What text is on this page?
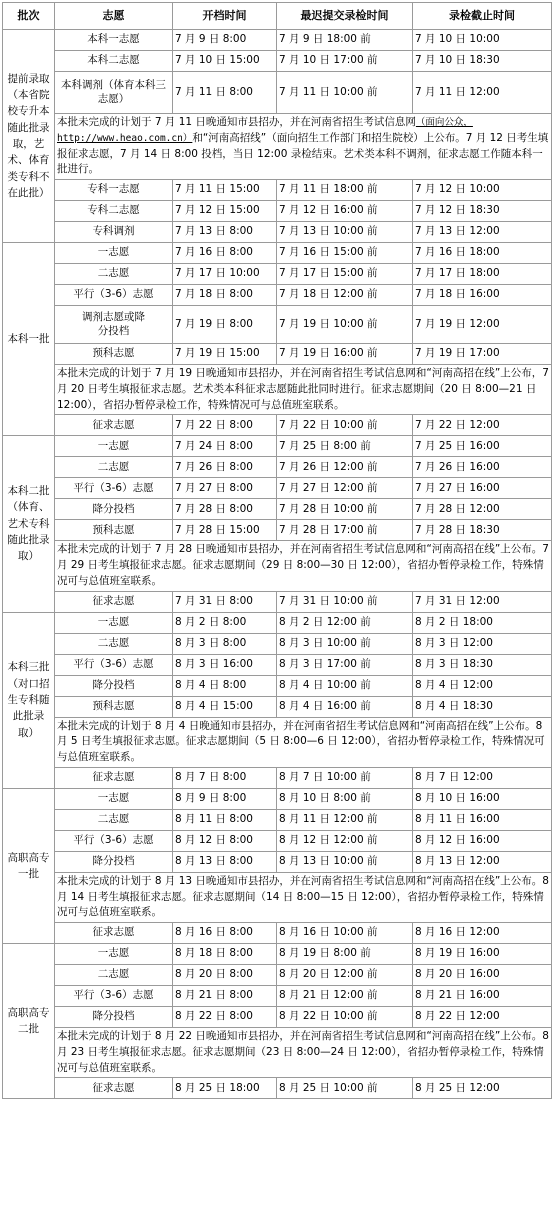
批次	志愿	开档时间	最迟提交录检时间	录检截止时间
提前录取（本省院校专升本随此批录取，艺术、体育类专科不在此批）	本科一志愿	7 月 9 日 8:00	7 月 9 日 18:00 前	7 月 10 日 10:00
	本科二志愿	7 月 10 日 15:00	7 月 10 日 17:00 前	7 月 10 日 18:30
	本科调剂（体育本科三志愿）	7 月 11 日 8:00	7 月 11 日 10:00 前	7 月 11 日 12:00
	本批未完成的计划于 7 月 11 日晚通知市县招办，并在河南省招生考试信息网（面向公众，http://www.heao.com.cn）和“河南高招线”（面向招生工作部门和招生院校）上公布。7 月 12 日考生填报征求志愿，7 月 14 日 8:00 投档，当日 12:00 录检结束。艺术类本科不调剂，征求志愿工作随本科一批进行。			
	专科一志愿	7 月 11 日 15:00	7 月 11 日 18:00 前	7 月 12 日 10:00
	专科二志愿	7 月 12 日 15:00	7 月 12 日 16:00 前	7 月 12 日 18:30
	专科调剂	7 月 13 日 8:00	7 月 13 日 10:00 前	7 月 13 日 12:00
本科一批	一志愿	7 月 16 日 8:00	7 月 16 日 15:00 前	7 月 16 日 18:00
	二志愿	7 月 17 日 10:00	7 月 17 日 15:00 前	7 月 17 日 18:00
	平行（3-6）志愿	7 月 18 日 8:00	7 月 18 日 12:00 前	7 月 18 日 16:00
	调剂志愿或降分投档	7 月 19 日 8:00	7 月 19 日 10:00 前	7 月 19 日 12:00
	预科志愿	7 月 19 日 15:00	7 月 19 日 16:00 前	7 月 19 日 17:00
	本批未完成的计划于 7 月 19 日晚通知市县招办，并在河南省招生考试信息网和“河南高招在线”上公布，7 月 20 日考生填报征求志愿。艺术类本科征求志愿随此批同时进行。征求志愿期间（20 日 8:00—21 日 12:00），省招办暂停录检工作，特殊情况可与总值班室联系。			
	征求志愿	7 月 22 日 8:00	7 月 22 日 10:00 前	7 月 22 日 12:00
本科二批（体育、艺术专科随此批录取）	一志愿	7 月 24 日 8:00	7 月 25 日 8:00 前	7 月 25 日 16:00
	二志愿	7 月 26 日 8:00	7 月 26 日 12:00 前	7 月 26 日 16:00
	平行（3-6）志愿	7 月 27 日 8:00	7 月 27 日 12:00 前	7 月 27 日 16:00
	降分投档	7 月 28 日 8:00	7 月 28 日 10:00 前	7 月 28 日 12:00
	预科志愿	7 月 28 日 15:00	7 月 28 日 17:00 前	7 月 28 日 18:30
	本批未完成的计划于 7 月 28 日晚通知市县招办，并在河南省招生考试信息网和“河南高招在线”上公布。7 月 29 日考生填报征求志愿。征求志愿期间（29 日 8:00—30 日 12:00），省招办暂停录检工作，特殊情况可与总值班室联系。			
	征求志愿	7 月 31 日 8:00	7 月 31 日 10:00 前	7 月 31 日 12:00
本科三批（对口招生专科随此批录取）	一志愿	8 月 2 日 8:00	8 月 2 日 12:00 前	8 月 2 日 18:00
	二志愿	8 月 3 日 8:00	8 月 3 日 10:00 前	8 月 3 日 12:00
	平行（3-6）志愿	8 月 3 日 16:00	8 月 3 日 17:00 前	8 月 3 日 18:30
	降分投档	8 月 4 日 8:00	8 月 4 日 10:00 前	8 月 4 日 12:00
	预科志愿	8 月 4 日 15:00	8 月 4 日 16:00 前	8 月 4 日 18:30
	本批未完成的计划于 8 月 4 日晚通知市县招办，并在河南省招生考试信息网和“河南高招在线”上公布。8 月 5 日考生填报征求志愿。征求志愿期间（5 日 8:00—6 日 12:00），省招办暂停录检工作，特殊情况可与总值班室联系。			
	征求志愿	8 月 7 日 8:00	8 月 7 日 10:00 前	8 月 7 日 12:00
高职高专一批	一志愿	8 月 9 日 8:00	8 月 10 日 8:00 前	8 月 10 日 16:00
	二志愿	8 月 11 日 8:00	8 月 11 日 12:00 前	8 月 11 日 16:00
	平行（3-6）志愿	8 月 12 日 8:00	8 月 12 日 12:00 前	8 月 12 日 16:00
	降分投档	8 月 13 日 8:00	8 月 13 日 10:00 前	8 月 13 日 12:00
	本批未完成的计划于 8 月 13 日晚通知市县招办，并在河南省招生考试信息网和“河南高招在线”上公布。8 月 14 日考生填报征求志愿。征求志愿期间（14 日 8:00—15 日 12:00），省招办暂停录检工作，特殊情况可与总值班室联系。			
	征求志愿	8 月 16 日 8:00	8 月 16 日 10:00 前	8 月 16 日 12:00
高职高专二批	一志愿	8 月 18 日 8:00	8 月 19 日 8:00 前	8 月 19 日 16:00
	二志愿	8 月 20 日 8:00	8 月 20 日 12:00 前	8 月 20 日 16:00
	平行（3-6）志愿	8 月 21 日 8:00	8 月 21 日 12:00 前	8 月 21 日 16:00
	降分投档	8 月 22 日 8:00	8 月 22 日 10:00 前	8 月 22 日 12:00
	本批未完成的计划于 8 月 22 日晚通知市县招办，并在河南省招生考试信息网和“河南高招在线”上公布。8 月 23 日考生填报征求志愿。征求志愿期间（23 日 8:00—24 日 12:00），省招办暂停录检工作，特殊情况可与总值班室联系。			
	征求志愿	8 月 25 日 18:00	8 月 25 日 10:00 前	8 月 25 日 12:00
